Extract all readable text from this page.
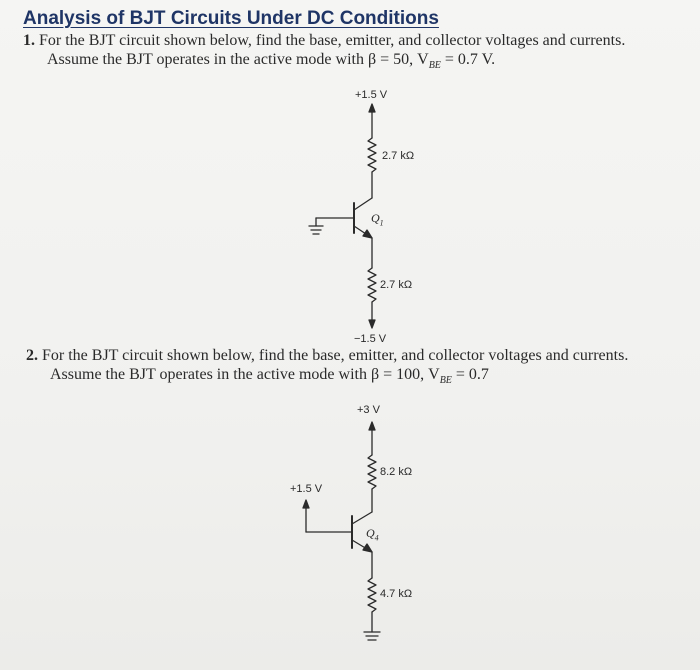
Analysis of BJT Circuits Under DC Conditions
1. For the BJT circuit shown below, find the base, emitter, and collector voltages and currents.
Assume the BJT operates in the active mode with β = 50, $V_{BE} = 0.7$ V.
2. For the BJT circuit shown below, find the base, emitter, and collector voltages and currents.
Assume the BJT operates in the active mode with β = 100, $V_{BE} = 0.7$
+1.5 V
2.7 kΩ
$Q_1$
2.7 kΩ
−1.5 V
+3 V
8.2 kΩ
+1.5 V
$Q_4$
4.7 kΩ
